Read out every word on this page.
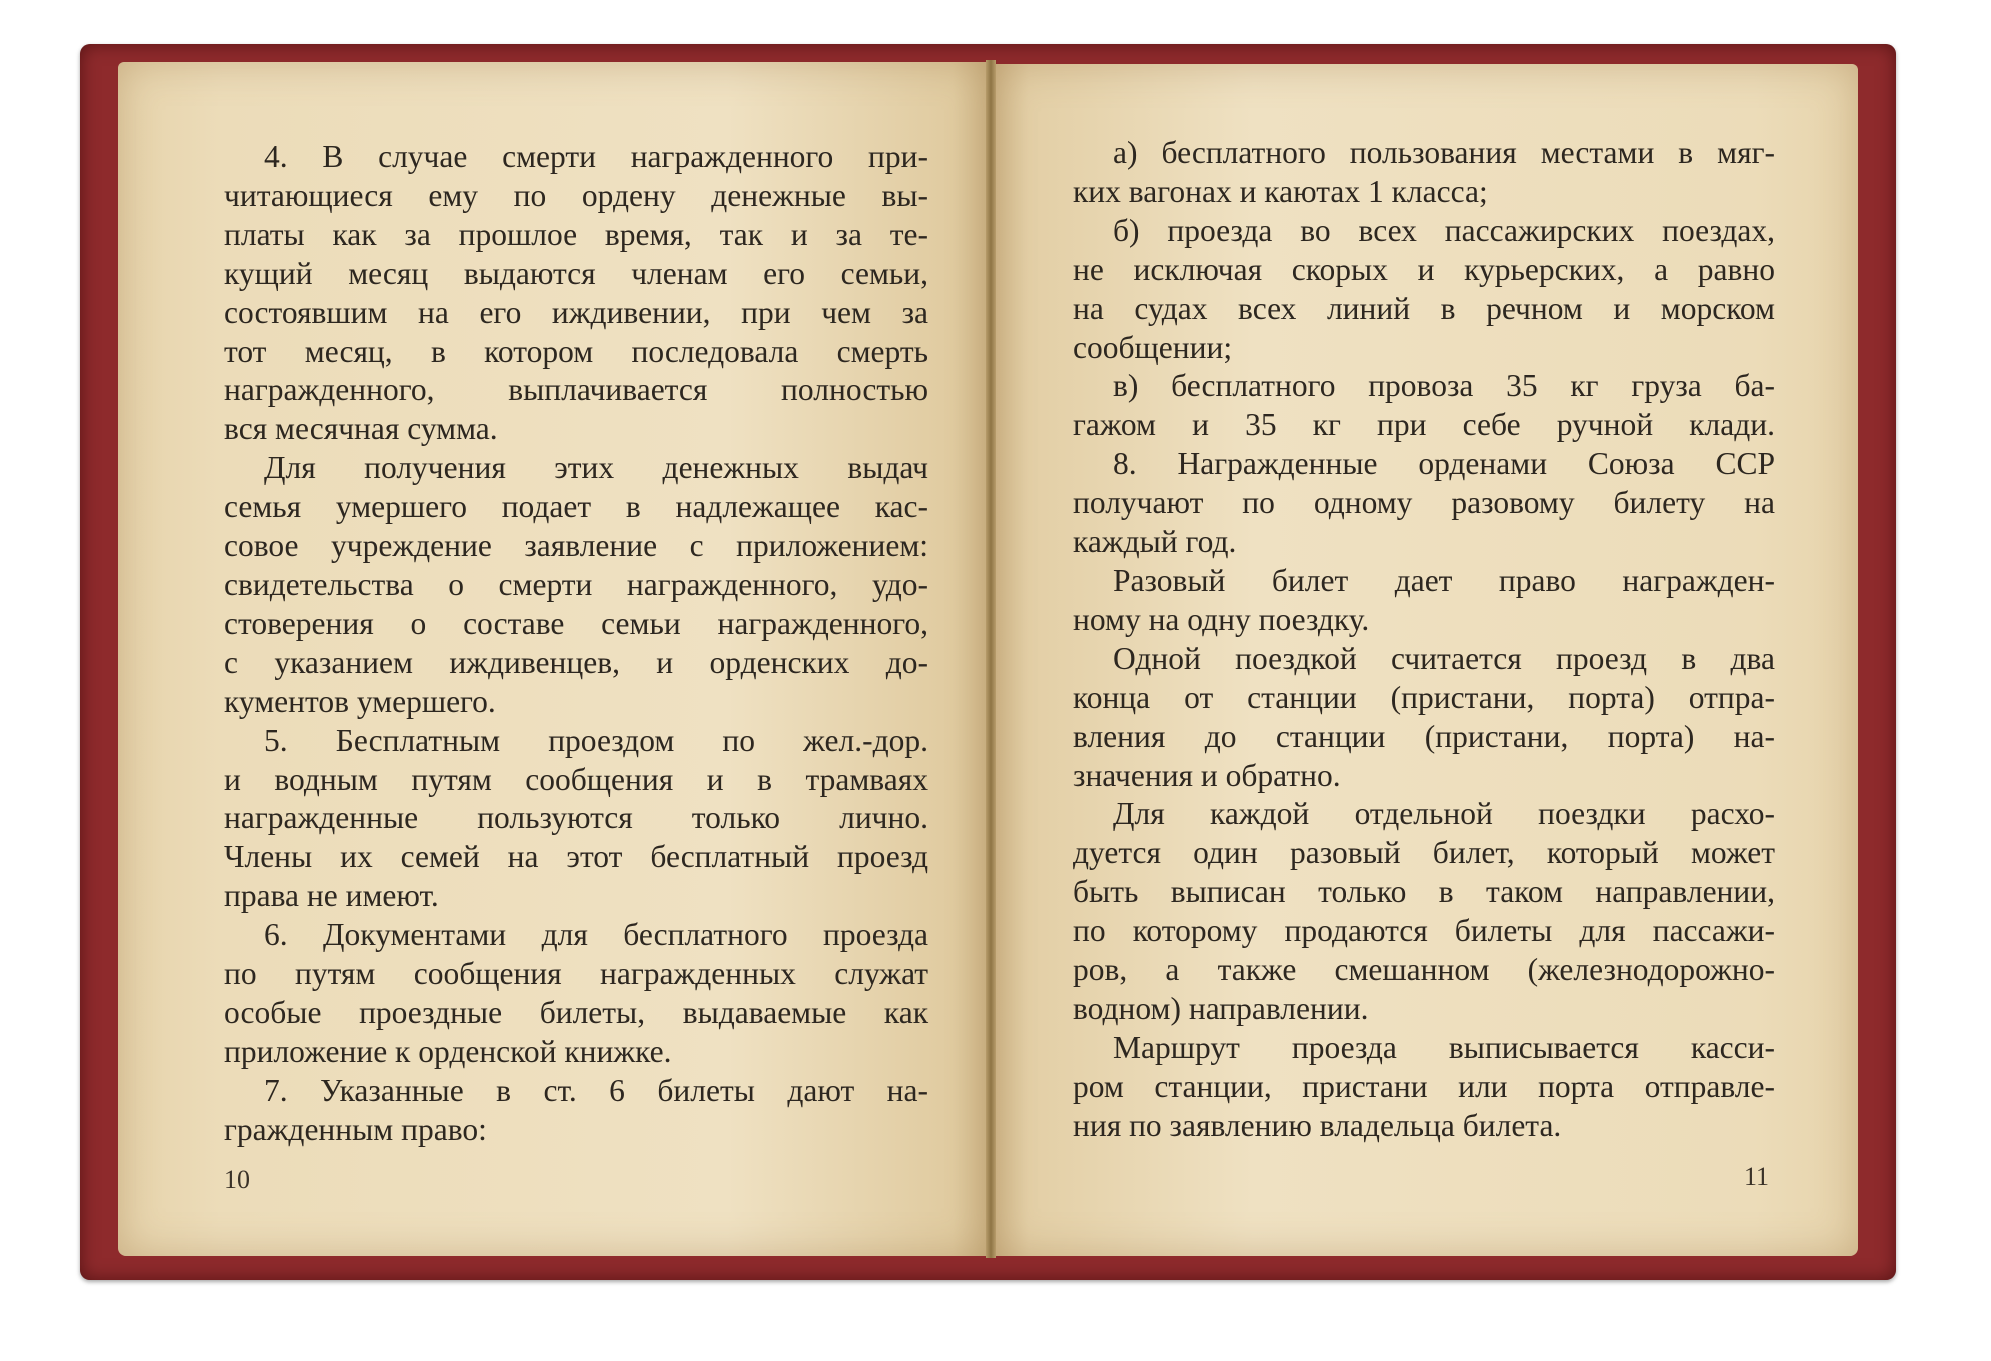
4. В случае смерти награжденного при-
читающиеся ему по ордену денежные вы-
платы как за прошлое время, так и за те-
кущий месяц выдаются членам его семьи,
состоявшим на его иждивении, при чем за
тот месяц, в котором последовала смерть
награжденного, выплачивается полностью
вся месячная сумма.
Для получения этих денежных выдач
семья умершего подает в надлежащее кас-
совое учреждение заявление с приложением:
свидетельства о смерти награжденного, удо-
стоверения о составе семьи награжденного,
с указанием иждивенцев, и орденских до-
кументов умершего.
5. Бесплатным проездом по жел.-дор.
и водным путям сообщения и в трамваях
награжденные пользуются только лично.
Члены их семей на этот бесплатный проезд
права не имеют.
6. Документами для бесплатного проезда
по путям сообщения награжденных служат
особые проездные билеты, выдаваемые как
приложение к орденской книжке.
7. Указанные в ст. 6 билеты дают на-
гражденным право:
а) бесплатного пользования местами в мяг-
ких вагонах и каютах 1 класса;
б) проезда во всех пассажирских поездах,
не исключая скорых и курьерских, а равно
на судах всех линий в речном и морском
сообщении;
в) бесплатного провоза 35 кг груза ба-
гажом и 35 кг при себе ручной клади.
8. Награжденные орденами Союза ССР
получают по одному разовому билету на
каждый год.
Разовый билет дает право награжден-
ному на одну поездку.
Одной поездкой считается проезд в два
конца от станции (пристани, порта) отпра-
вления до станции (пристани, порта) на-
значения и обратно.
Для каждой отдельной поездки расхо-
дуется один разовый билет, который может
быть выписан только в таком направлении,
по которому продаются билеты для пассажи-
ров, а также смешанном (железнодорожно-
водном) направлении.
Маршрут проезда выписывается касси-
ром станции, пристани или порта отправле-
ния по заявлению владельца билета.
10	11
